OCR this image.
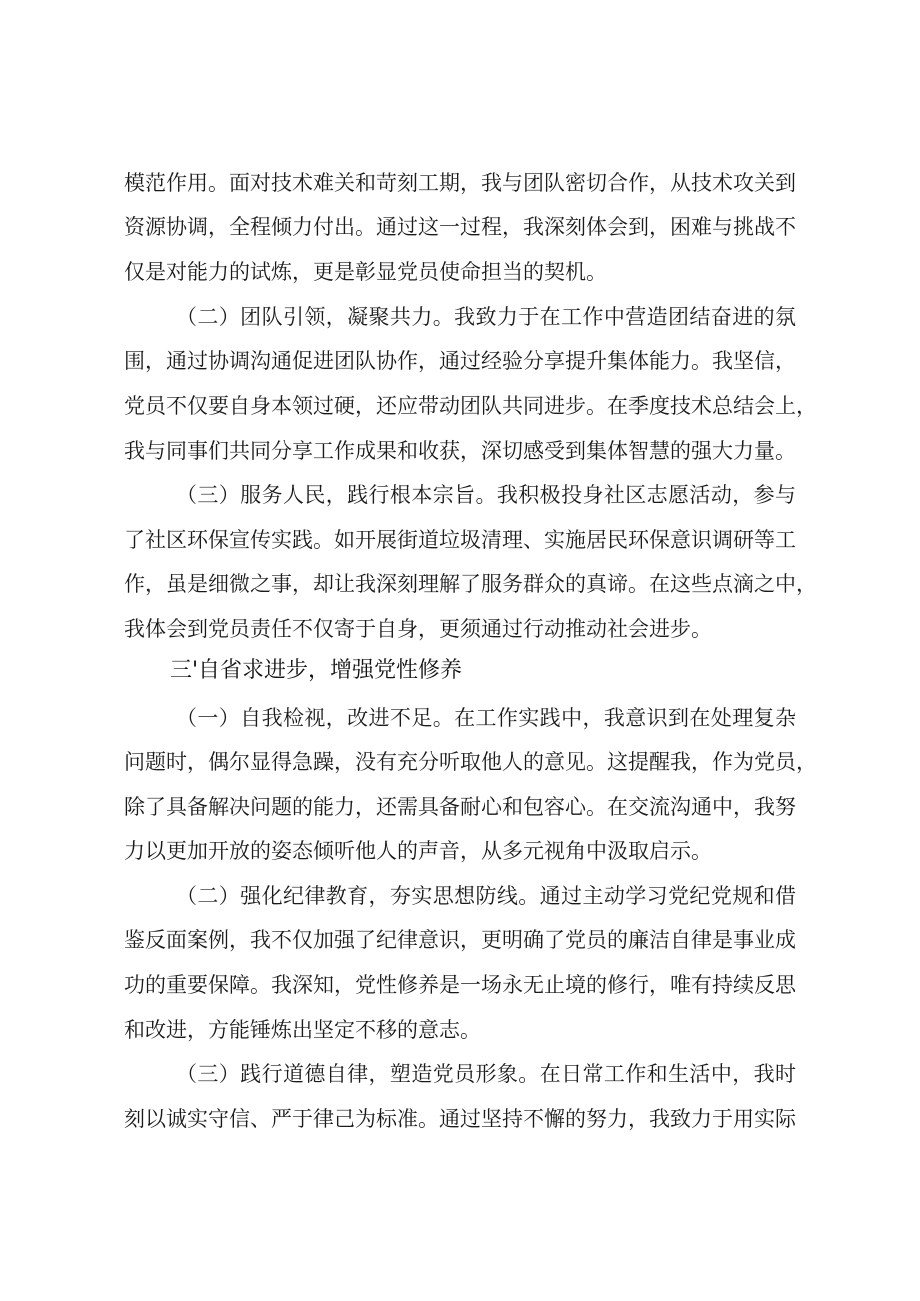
模范作用。面对技术难关和苛刻工期，我与团队密切合作，从技术攻关到
资源协调，全程倾力付出。通过这一过程，我深刻体会到，困难与挑战不
仅是对能力的试炼，更是彰显党员使命担当的契机。
（二）团队引领，凝聚共力。我致力于在工作中营造团结奋进的氛
围，通过协调沟通促进团队协作，通过经验分享提升集体能力。我坚信，
党员不仅要自身本领过硬，还应带动团队共同进步。在季度技术总结会上，
我与同事们共同分享工作成果和收获，深切感受到集体智慧的强大力量。
（三）服务人民，践行根本宗旨。我积极投身社区志愿活动，参与
了社区环保宣传实践。如开展街道垃圾清理、实施居民环保意识调研等工
作，虽是细微之事，却让我深刻理解了服务群众的真谛。在这些点滴之中，
我体会到党员责任不仅寄于自身，更须通过行动推动社会进步。
三'自省求进步，增强党性修养
（一）自我检视，改进不足。在工作实践中，我意识到在处理复杂
问题时，偶尔显得急躁，没有充分听取他人的意见。这提醒我，作为党员，
除了具备解决问题的能力，还需具备耐心和包容心。在交流沟通中，我努
力以更加开放的姿态倾听他人的声音，从多元视角中汲取启示。
（二）强化纪律教育，夯实思想防线。通过主动学习党纪党规和借
鉴反面案例，我不仅加强了纪律意识，更明确了党员的廉洁自律是事业成
功的重要保障。我深知，党性修养是一场永无止境的修行，唯有持续反思
和改进，方能锤炼出坚定不移的意志。
（三）践行道德自律，塑造党员形象。在日常工作和生活中，我时
刻以诚实守信、严于律己为标准。通过坚持不懈的努力，我致力于用实际
